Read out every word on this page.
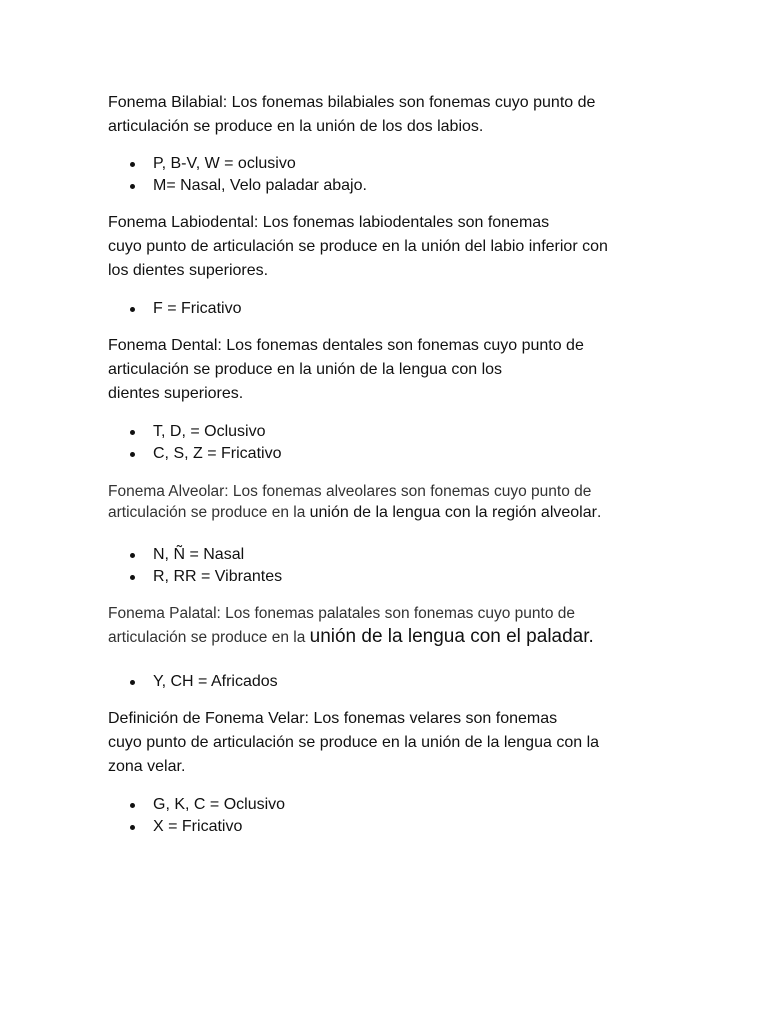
Fonema Bilabial: Los fonemas bilabiales son fonemas cuyo punto de
articulación se produce en la unión de los dos labios.

P, B-V, W = oclusivo
M= Nasal, Velo paladar abajo.

Fonema Labiodental: Los fonemas labiodentales son fonemas
cuyo punto de articulación se produce en la unión del labio inferior con
los dientes superiores.

F = Fricativo

Fonema Dental: Los fonemas dentales son fonemas cuyo punto de
articulación se produce en la unión de la lengua con los
dientes superiores.

T, D, = Oclusivo
C, S, Z = Fricativo

Fonema Alveolar: Los fonemas alveolares son fonemas cuyo punto de
articulación se produce en la unión de la lengua con la región alveolar.

N, Ñ = Nasal
R, RR = Vibrantes

Fonema Palatal: Los fonemas palatales son fonemas cuyo punto de
articulación se produce en la unión de la lengua con el paladar.

Y, CH = Africados

Definición de Fonema Velar: Los fonemas velares son fonemas
cuyo punto de articulación se produce en la unión de la lengua con la
zona velar.

G, K, C = Oclusivo
X = Fricativo
